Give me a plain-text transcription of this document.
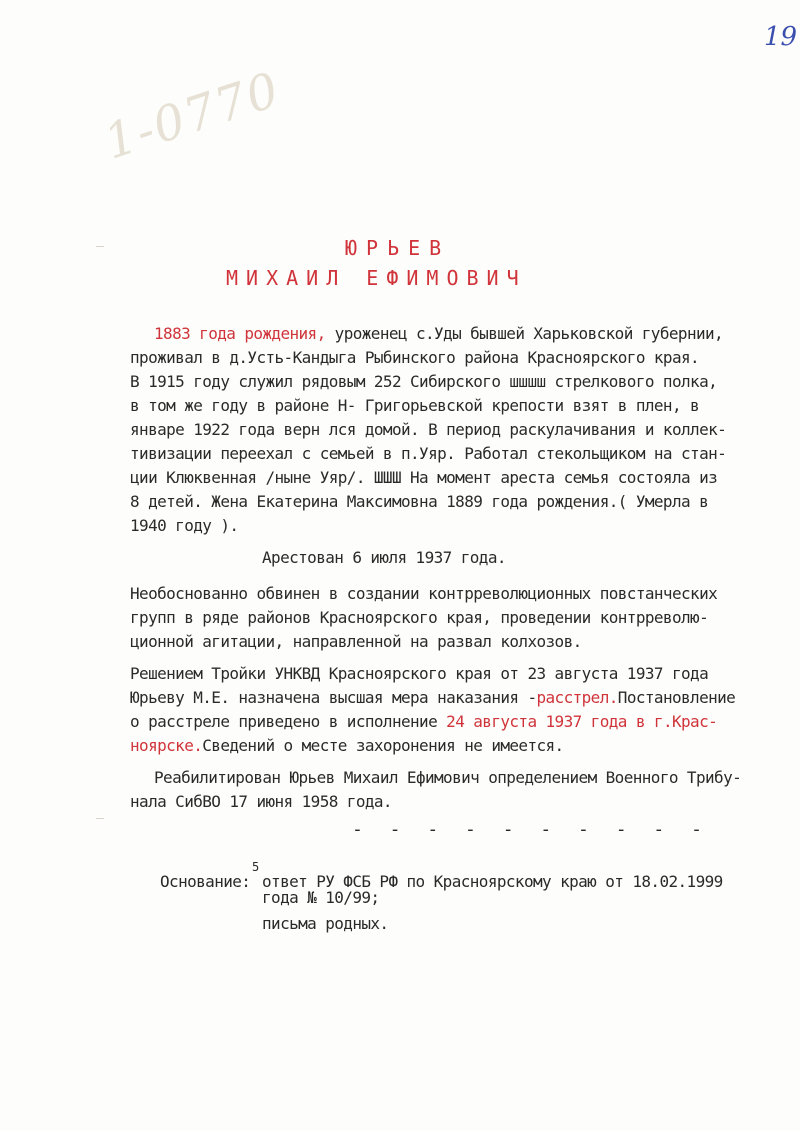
19
1-0770
ЮРЬЕВ
МИХАИЛ ЕФИМОВИЧ
1883 года рождения, уроженец с.Уды бывшей Харьковской губернии,
проживал в д.Усть-Кандыга Рыбинского района Красноярского края.
В 1915 году служил рядовым 252 Сибирского шшшш стрелкового полка,
в том же году в районе Н- Григорьевской крепости взят в плен, в
январе 1922 года верн лся домой. В период раскулачивания и коллек-
тивизации переехал с семьей в п.Уяр. Работал стекольщиком на стан-
ции Клюквенная /ныне Уяр/. ШШШ На момент ареста семья состояла из
8 детей. Жена Екатерина Максимовна 1889 года рождения.( Умерла в
1940 году ).
Арестован 6 июля 1937 года.
Необоснованно обвинен в создании контрреволюционных повстанческих
групп в ряде районов Красноярского края, проведении контрреволю-
ционной агитации, направленной на развал колхозов.
Решением Тройки УНКВД Красноярского края от 23 августа 1937 года
Юрьеву М.Е. назначена высшая мера наказания -расстрел.Постановление
о расстреле приведено в исполнение 24 августа 1937 года в г.Крас-
ноярске.Сведений о месте захоронения не имеется.
Реабилитирован Юрьев Михаил Ефимович определением Военного Трибу-
нала СибВО 17 июня 1958 года.
- - - - - - - - - -
Основание:
5
ответ РУ ФСБ РФ по Красноярскому краю от 18.02.1999
года № 10/99;
письма родных.
